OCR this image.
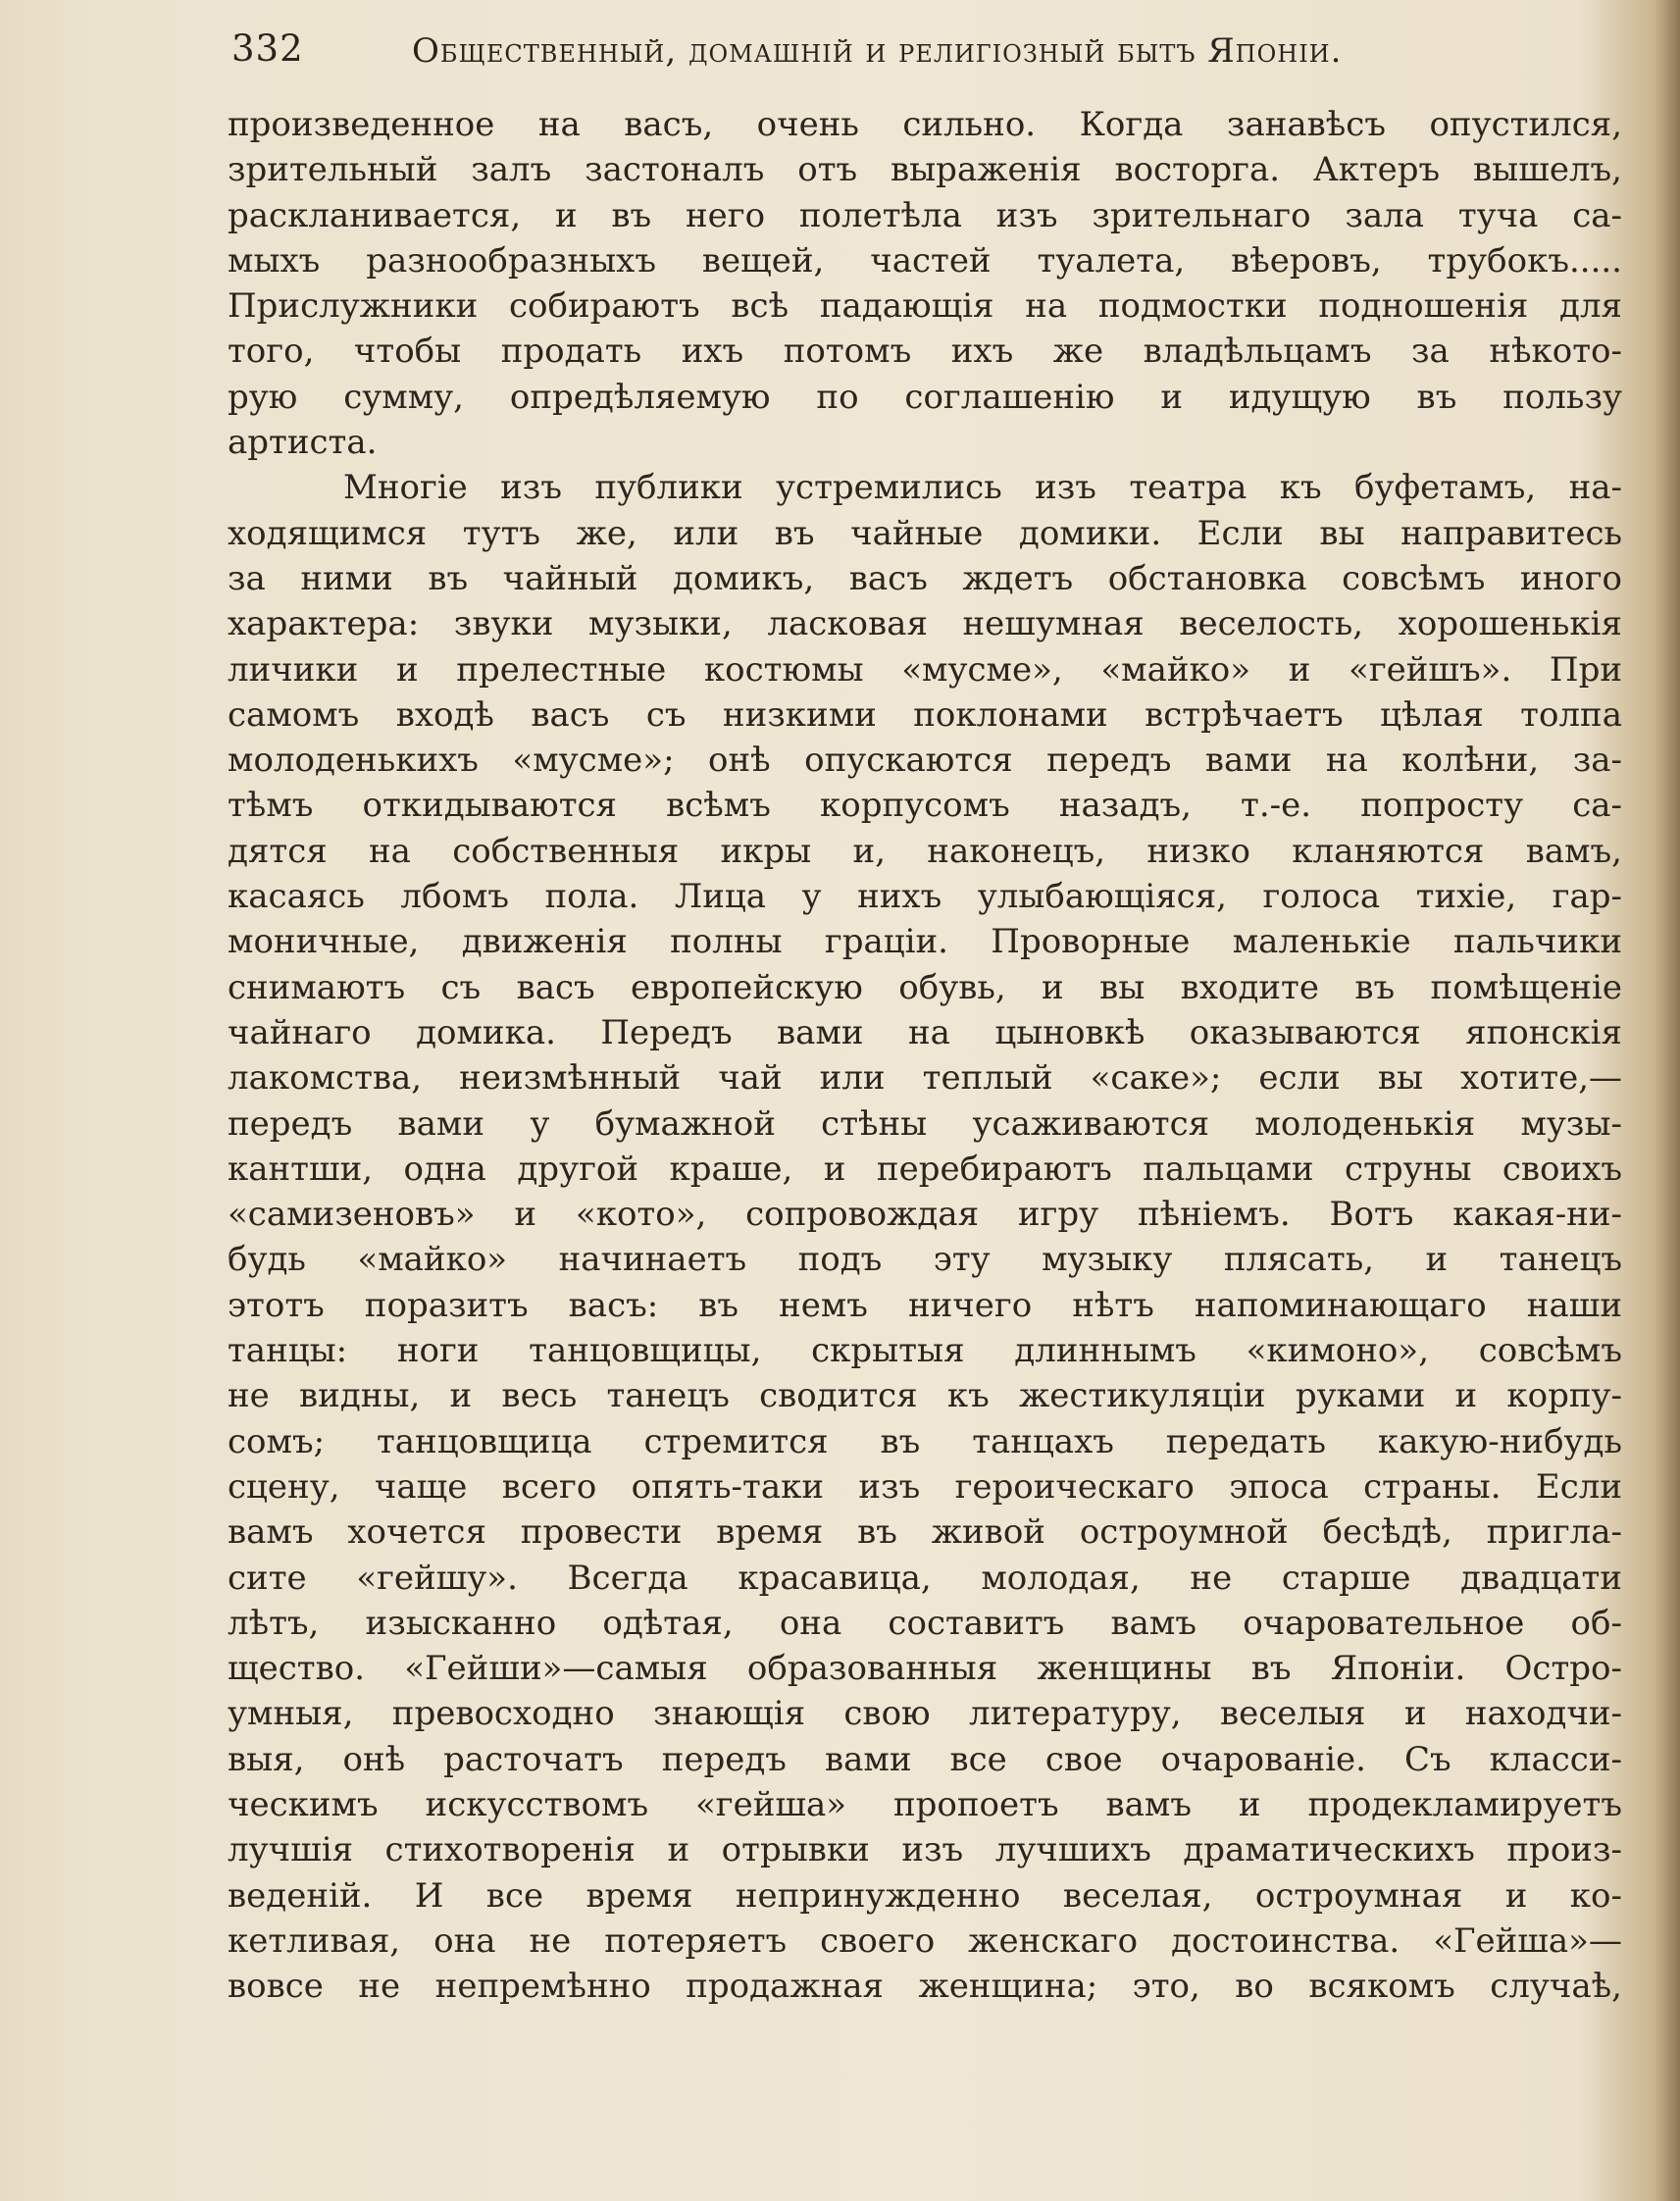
332	Общественный, домашній и религіозный бытъ Японіи.
произведенное на васъ, очень сильно. Когда занавѣсъ опустился,
зрительный залъ застоналъ отъ выраженія восторга. Актеръ вышелъ,
раскланивается, и въ него полетѣла изъ зрительнаго зала туча са-
мыхъ разнообразныхъ вещей, частей туалета, вѣеровъ, трубокъ.....
Прислужники собираютъ всѣ падающія на подмостки подношенія для
того, чтобы продать ихъ потомъ ихъ же владѣльцамъ за нѣкото-
рую сумму, опредѣляемую по соглашенію и идущую въ пользу
артиста.
Многіе изъ публики устремились изъ театра къ буфетамъ, на-
ходящимся тутъ же, или въ чайные домики. Если вы направитесь
за ними въ чайный домикъ, васъ ждетъ обстановка совсѣмъ иного
характера: звуки музыки, ласковая нешумная веселость, хорошенькія
личики и прелестные костюмы «мусме», «майко» и «гейшъ». При
самомъ входѣ васъ съ низкими поклонами встрѣчаетъ цѣлая толпа
молоденькихъ «мусме»; онѣ опускаются передъ вами на колѣни, за-
тѣмъ откидываются всѣмъ корпусомъ назадъ, т.-е. попросту са-
дятся на собственныя икры и, наконецъ, низко кланяются вамъ,
касаясь лбомъ пола. Лица у нихъ улыбающіяся, голоса тихіе, гар-
моничные, движенія полны граціи. Проворные маленькіе пальчики
снимаютъ съ васъ европейскую обувь, и вы входите въ помѣщеніе
чайнаго домика. Передъ вами на цыновкѣ оказываются японскія
лакомства, неизмѣнный чай или теплый «саке»; если вы хотите,—
передъ вами у бумажной стѣны усаживаются молоденькія музы-
кантши, одна другой краше, и перебираютъ пальцами струны своихъ
«самизеновъ» и «кото», сопровождая игру пѣніемъ. Вотъ какая-ни-
будь «майко» начинаетъ подъ эту музыку плясать, и танецъ
этотъ поразитъ васъ: въ немъ ничего нѣтъ напоминающаго наши
танцы: ноги танцовщицы, скрытыя длиннымъ «кимоно», совсѣмъ
не видны, и весь танецъ сводится къ жестикуляціи руками и корпу-
сомъ; танцовщица стремится въ танцахъ передать какую-нибудь
сцену, чаще всего опять-таки изъ героическаго эпоса страны. Если
вамъ хочется провести время въ живой остроумной бесѣдѣ, пригла-
сите «гейшу». Всегда красавица, молодая, не старше двадцати
лѣтъ, изысканно одѣтая, она составитъ вамъ очаровательное об-
щество. «Гейши»—самыя образованныя женщины въ Японіи. Остро-
умныя, превосходно знающія свою литературу, веселыя и находчи-
выя, онѣ расточатъ передъ вами все свое очарованіе. Съ класси-
ческимъ искусствомъ «гейша» пропоетъ вамъ и продекламируетъ
лучшія стихотворенія и отрывки изъ лучшихъ драматическихъ произ-
веденій. И все время непринужденно веселая, остроумная и ко-
кетливая, она не потеряетъ своего женскаго достоинства. «Гейша»—
вовсе не непремѣнно продажная женщина; это, во всякомъ случаѣ,
